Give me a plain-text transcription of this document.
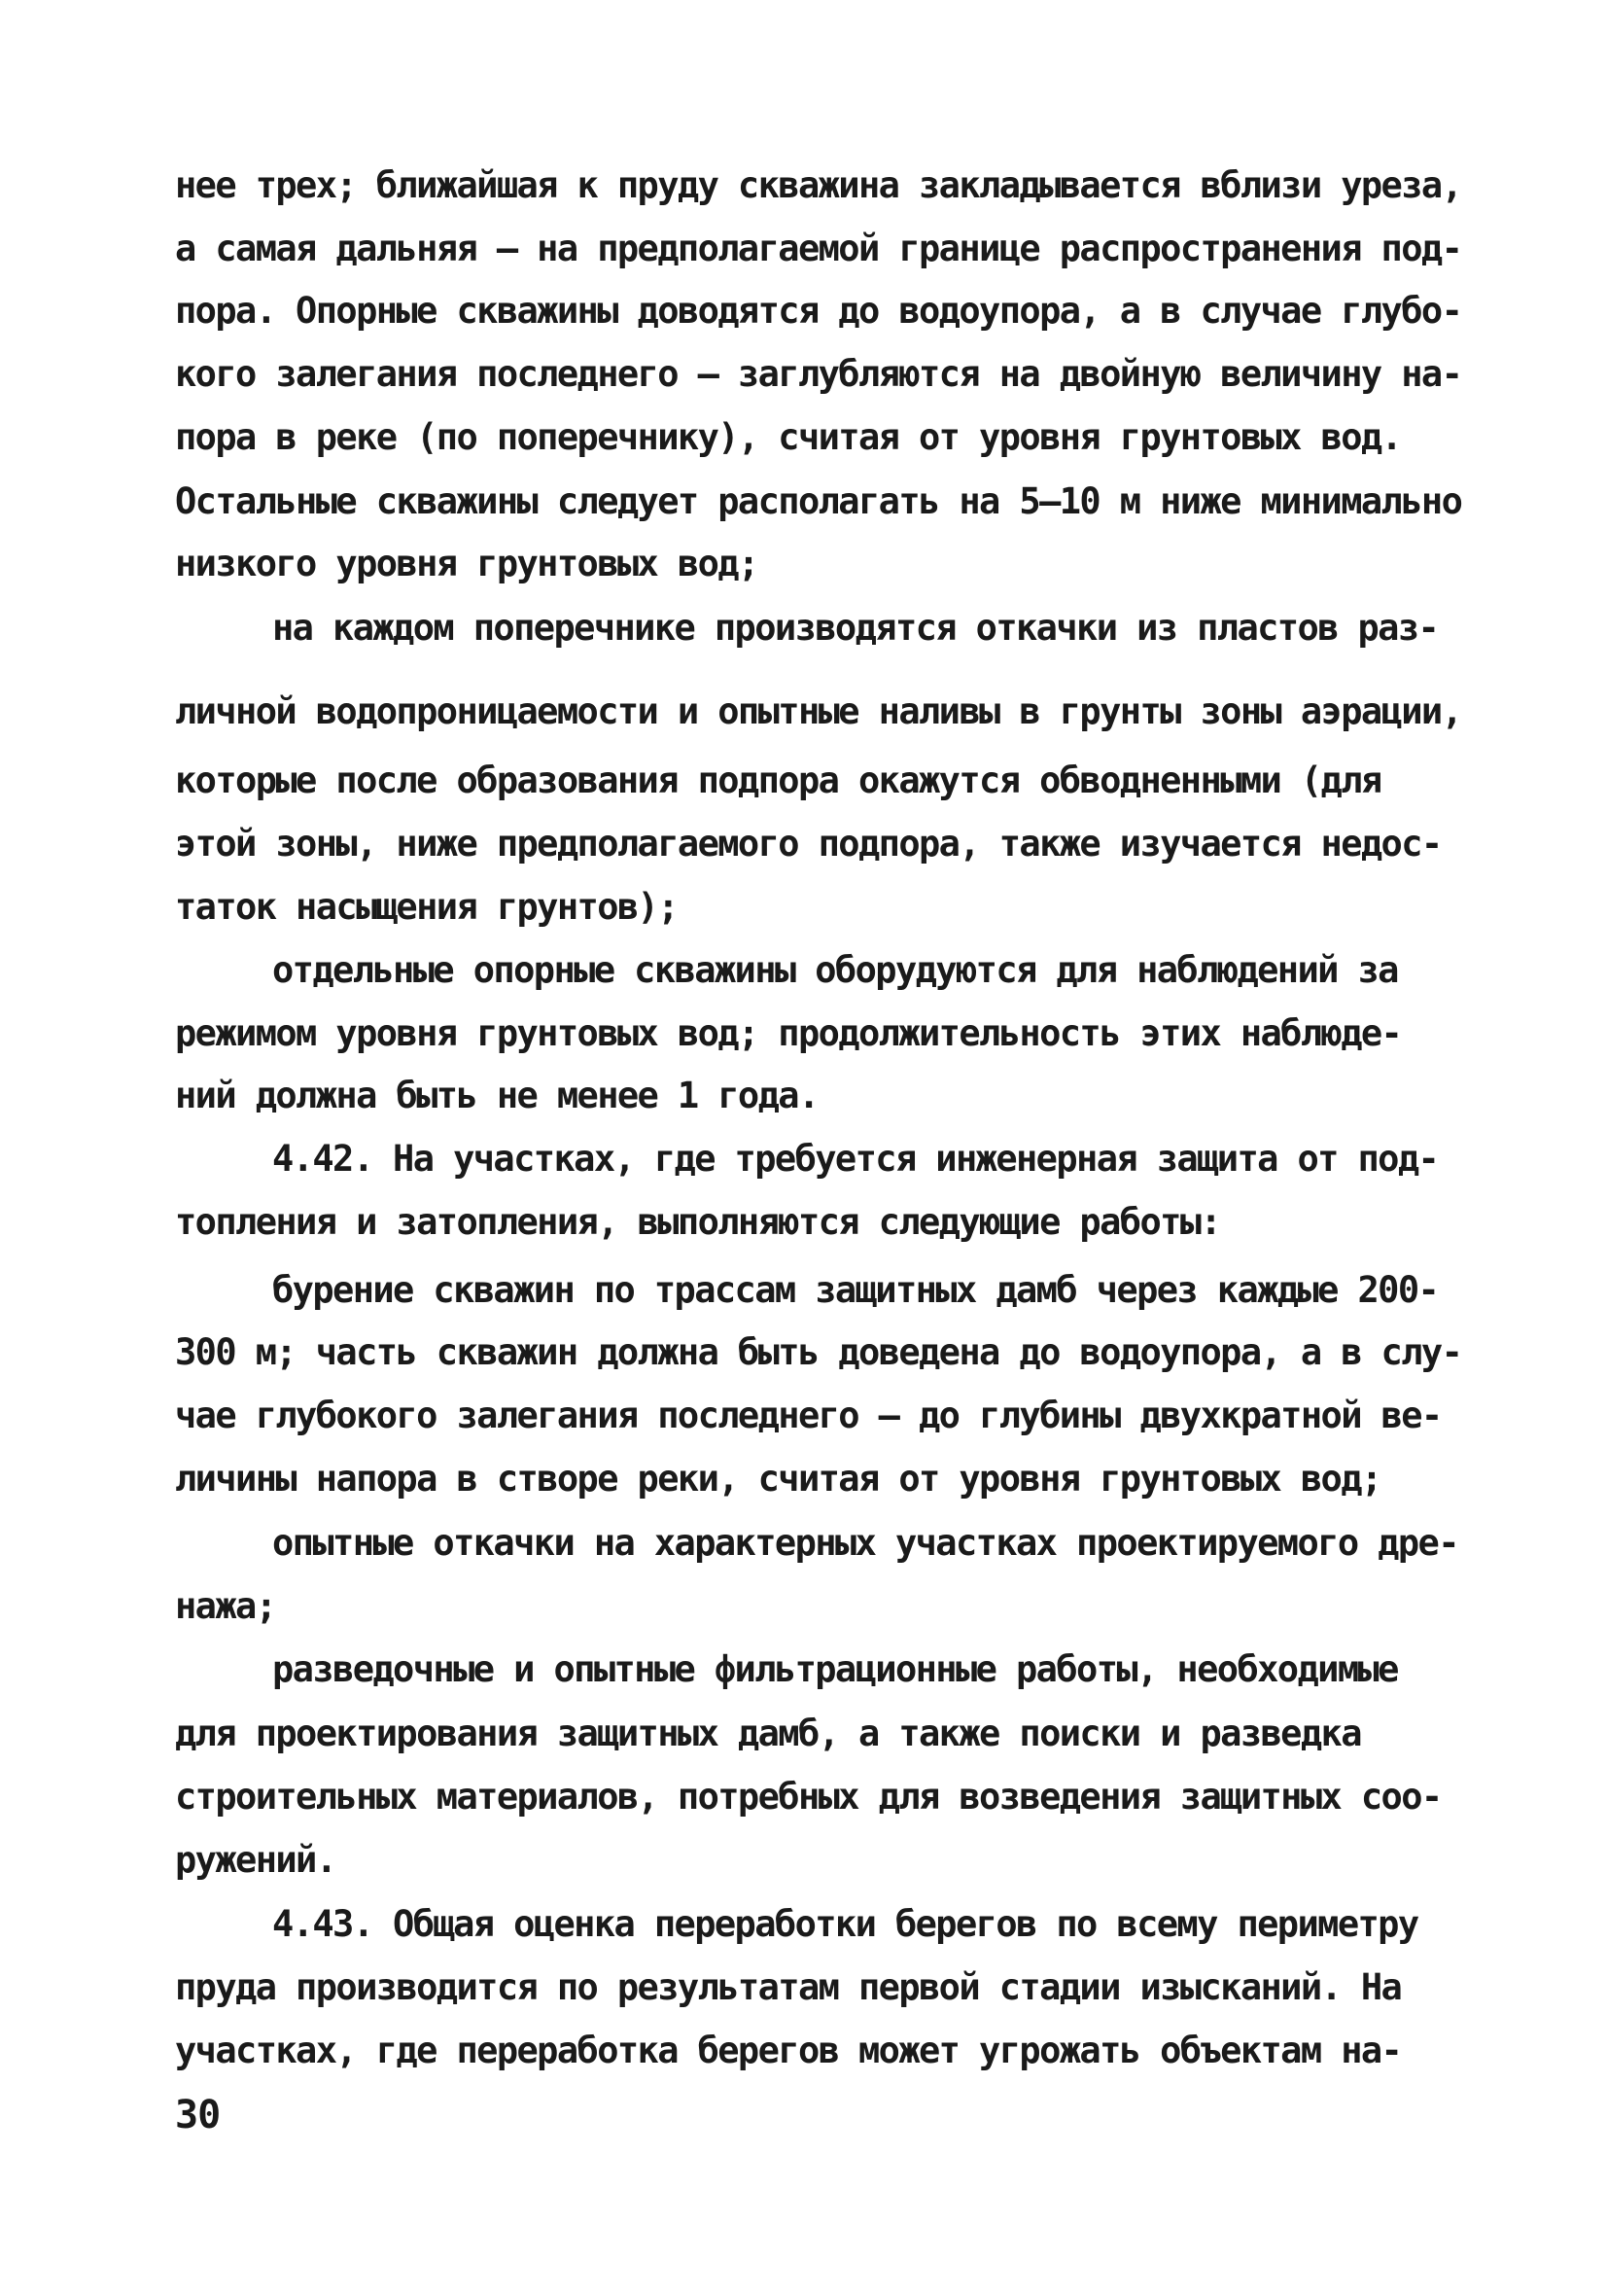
нее трех; ближайшая к пруду скважина закладывается вблизи уреза,
а самая дальняя – на предполагаемой границе распространения под-
пора. Опорные скважины доводятся до водоупора, а в случае глубо-
кого залегания последнего – заглубляются на двойную величину на-
пора в реке (по поперечнику), считая от уровня грунтовых вод.
Остальные скважины следует располагать на 5–10 м ниже минимально
низкого уровня грунтовых вод;
на каждом поперечнике производятся откачки из пластов раз-
личной водопроницаемости и опытные наливы в грунты зоны аэрации,
которые после образования подпора окажутся обводненными (для
этой зоны, ниже предполагаемого подпора, также изучается недос-
таток насыщения грунтов);
отдельные опорные скважины оборудуются для наблюдений за
режимом уровня грунтовых вод; продолжительность этих наблюде-
ний должна быть не менее 1 года.
4.42. На участках, где требуется инженерная защита от под-
топления и затопления, выполняются следующие работы:
бурение скважин по трассам защитных дамб через каждые 200-
300 м; часть скважин должна быть доведена до водоупора, а в слу-
чае глубокого залегания последнего – до глубины двухкратной ве-
личины напора в створе реки, считая от уровня грунтовых вод;
опытные откачки на характерных участках проектируемого дре-
нажа;
разведочные и опытные фильтрационные работы, необходимые
для проектирования защитных дамб, а также поиски и разведка
строительных материалов, потребных для возведения защитных соо-
ружений.
4.43. Общая оценка переработки берегов по всему периметру
пруда производится по результатам первой стадии изысканий. На
участках, где переработка берегов может угрожать объектам на-
30
